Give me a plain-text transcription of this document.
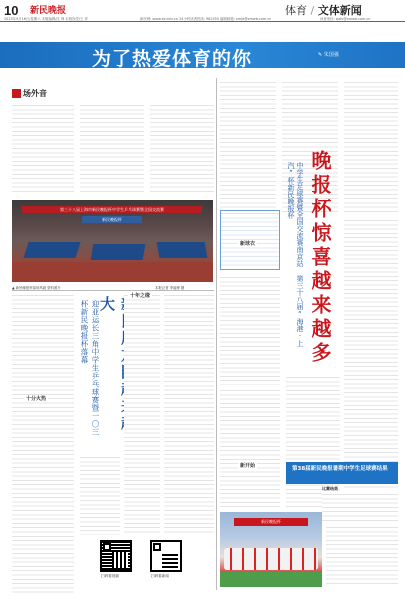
10 新民晚报
2023年9月16日/星期六 本版编辑/沈 坤 本版视觉/王 祥	新民网: www.xinmin.cn 24小时读者热线: 962555 编辑邮箱: xmjd@xmwb.com.cn
体育 / 文体新闻
读者来信: zjzhi@xmwb.com.cn
为了热爱体育的你	✎ 朱国强
场外音
第三十八届上海市新民晚报杯中学生乒乓球赛暨全国交流赛
新民晚报杯
▲ 新民晚报杯赛场风貌 资料照片	本报记者 李福博 摄
十分火热	迎亚运长三角中学生乒乓球赛暨一〇三杯新民晚报杯落幕 大	十年之缘
扫码看视频	扫码看新闻
新球衣
新开始
中学生足球赛暨全国交流赛南京站 第三十八届“海港·上汽”杯新民晚报杯 晚报杯惊喜越来越多
第38届新民晚报暑期中学生足球赛结果
比赛结果
新民晚报杯
